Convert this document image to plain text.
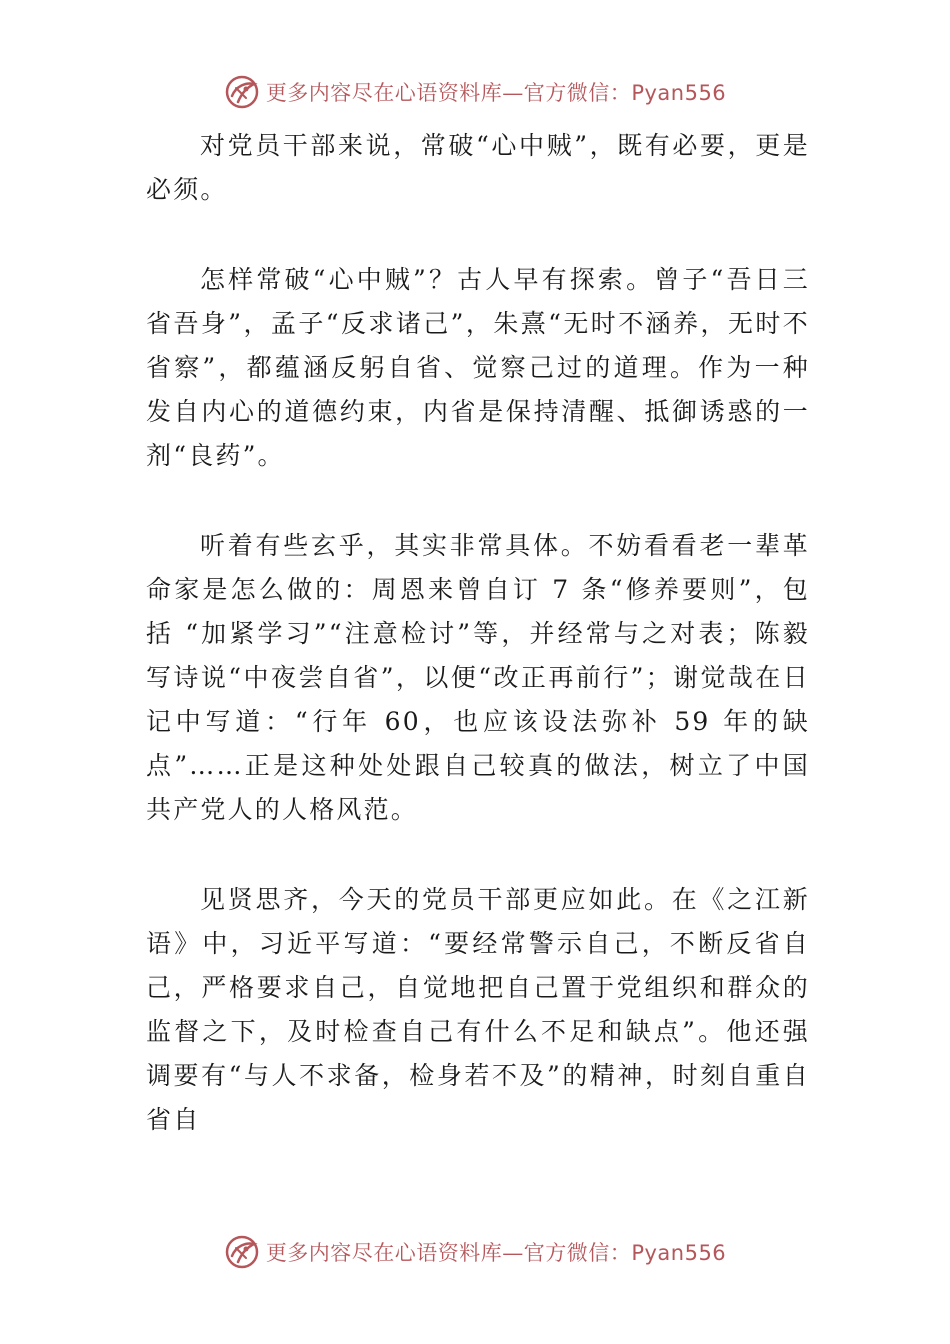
更多内容尽在心语资料库—官方微信：Pyan556

对党员干部来说，常破“心中贼”，既有必要，更是必须。

怎样常破“心中贼”？古人早有探索。曾子“吾日三省吾身”，孟子“反求诸己”，朱熹“无时不涵养，无时不省察”，都蕴涵反躬自省、觉察己过的道理。作为一种发自内心的道德约束，内省是保持清醒、抵御诱惑的一剂“良药”。

听着有些玄乎，其实非常具体。不妨看看老一辈革命家是怎么做的：周恩来曾自订 7 条“修养要则”，包括 “加紧学习”“注意检讨”等，并经常与之对表；陈毅写诗说“中夜尝自省”，以便“改正再前行”；谢觉哉在日记中写道：“行年 60，也应该设法弥补 59 年的缺点”……正是这种处处跟自己较真的做法，树立了中国共产党人的人格风范。

见贤思齐，今天的党员干部更应如此。在《之江新语》中，习近平写道：“要经常警示自己，不断反省自己，严格要求自己，自觉地把自己置于党组织和群众的监督之下，及时检查自己有什么不足和缺点”。他还强调要有“与人不求备，检身若不及”的精神，时刻自重自省自

更多内容尽在心语资料库—官方微信：Pyan556
